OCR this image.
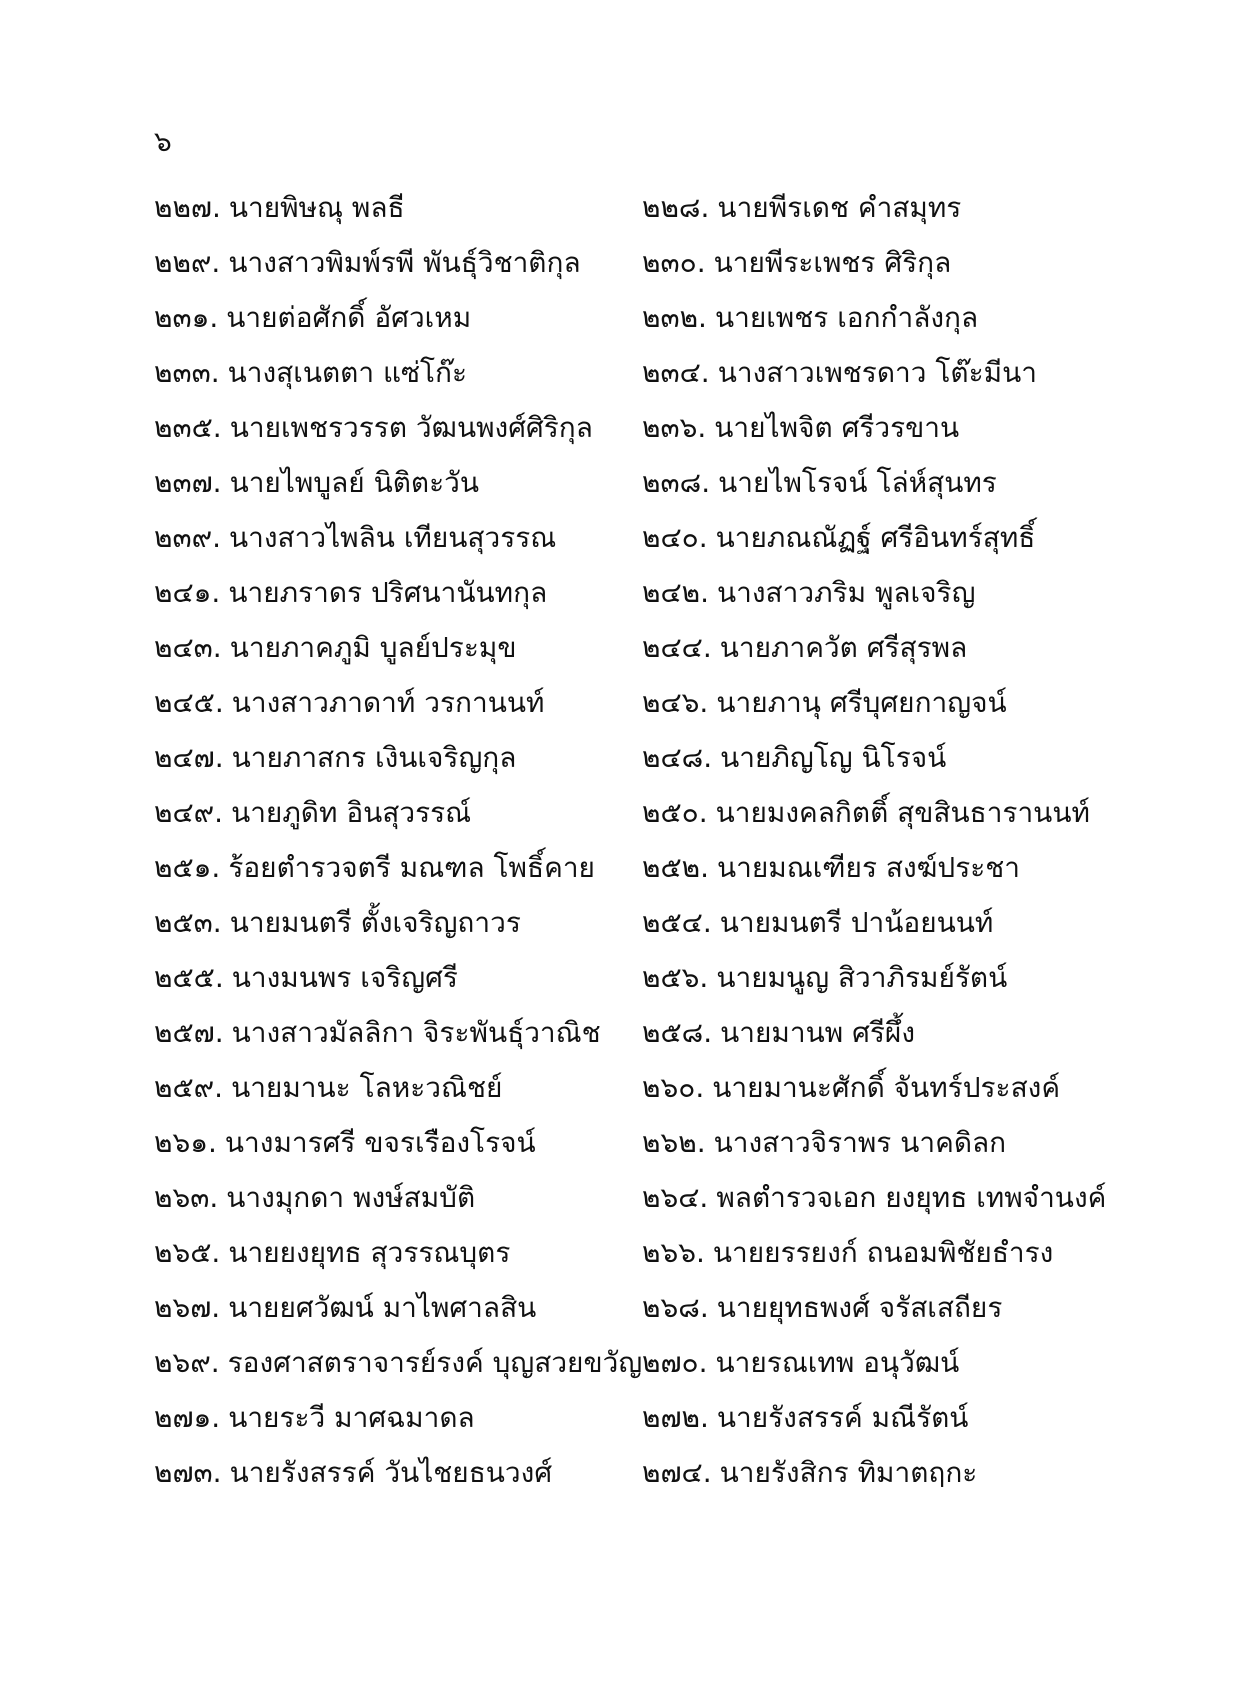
๖
๒๒๗. นายพิษณุ พลธี	๒๒๘. นายพีรเดช คำสมุทร
๒๒๙. นางสาวพิมพ์รพี พันธุ์วิชาติกุล ๒๓๐. นายพีระเพชร ศิริกุล
๒๓๑. นายต่อศักดิ์ อัศวเหม	๒๓๒. นายเพชร เอกกำลังกุล
๒๓๓. นางสุเนตตา แซ่โก๊ะ	๒๓๔. นางสาวเพชรดาว โต๊ะมีนา
๒๓๕. นายเพชรวรรต วัฒนพงศ์ศิริกุล ๒๓๖. นายไพจิต ศรีวรขาน
๒๓๗. นายไพบูลย์ นิติตะวัน	๒๓๘. นายไพโรจน์ โล่ห์สุนทร
๒๓๙. นางสาวไพลิน เทียนสุวรรณ	๒๔๐. นายภณณัฏฐ์ ศรีอินทร์สุทธิ์
๒๔๑. นายภราดร ปริศนานันทกุล	๒๔๒. นางสาวภริม พูลเจริญ
๒๔๓. นายภาคภูมิ บูลย์ประมุข	๒๔๔. นายภาควัต ศรีสุรพล
๒๔๕. นางสาวภาดาท์ วรกานนท์	๒๔๖. นายภานุ ศรีบุศยกาญจน์
๒๔๗. นายภาสกร เงินเจริญกุล	๒๔๘. นายภิญโญ นิโรจน์
๒๔๙. นายภูดิท อินสุวรรณ์	๒๕๐. นายมงคลกิตติ์ สุขสินธารานนท์
๒๕๑. ร้อยตำรวจตรี มณฑล โพธิ์คาย ๒๕๒. นายมณเฑียร สงฆ์ประชา
๒๕๓. นายมนตรี ตั้งเจริญถาวร	๒๕๔. นายมนตรี ปาน้อยนนท์
๒๕๕. นางมนพร เจริญศรี	๒๕๖. นายมนูญ สิวาภิรมย์รัตน์
๒๕๗. นางสาวมัลลิกา จิระพันธุ์วาณิช ๒๕๘. นายมานพ ศรีผึ้ง
๒๕๙. นายมานะ โลหะวณิชย์	๒๖๐. นายมานะศักดิ์ จันทร์ประสงค์
๒๖๑. นางมารศรี ขจรเรืองโรจน์	๒๖๒. นางสาวจิราพร นาคดิลก
๒๖๓. นางมุกดา พงษ์สมบัติ	๒๖๔. พลตำรวจเอก ยงยุทธ เทพจำนงค์
๒๖๕. นายยงยุทธ สุวรรณบุตร	๒๖๖. นายยรรยงก์ ถนอมพิชัยธำรง
๒๖๗. นายยศวัฒน์ มาไพศาลสิน	๒๖๘. นายยุทธพงศ์ จรัสเสถียร
๒๖๙. รองศาสตราจารย์รงค์ บุญสวยขวัญ ๒๗๐. นายรณเทพ อนุวัฒน์
๒๗๑. นายระวี มาศฉมาดล	๒๗๒. นายรังสรรค์ มณีรัตน์
๒๗๓. นายรังสรรค์ วันไชยธนวงศ์	๒๗๔. นายรังสิกร ทิมาตฤกะ
